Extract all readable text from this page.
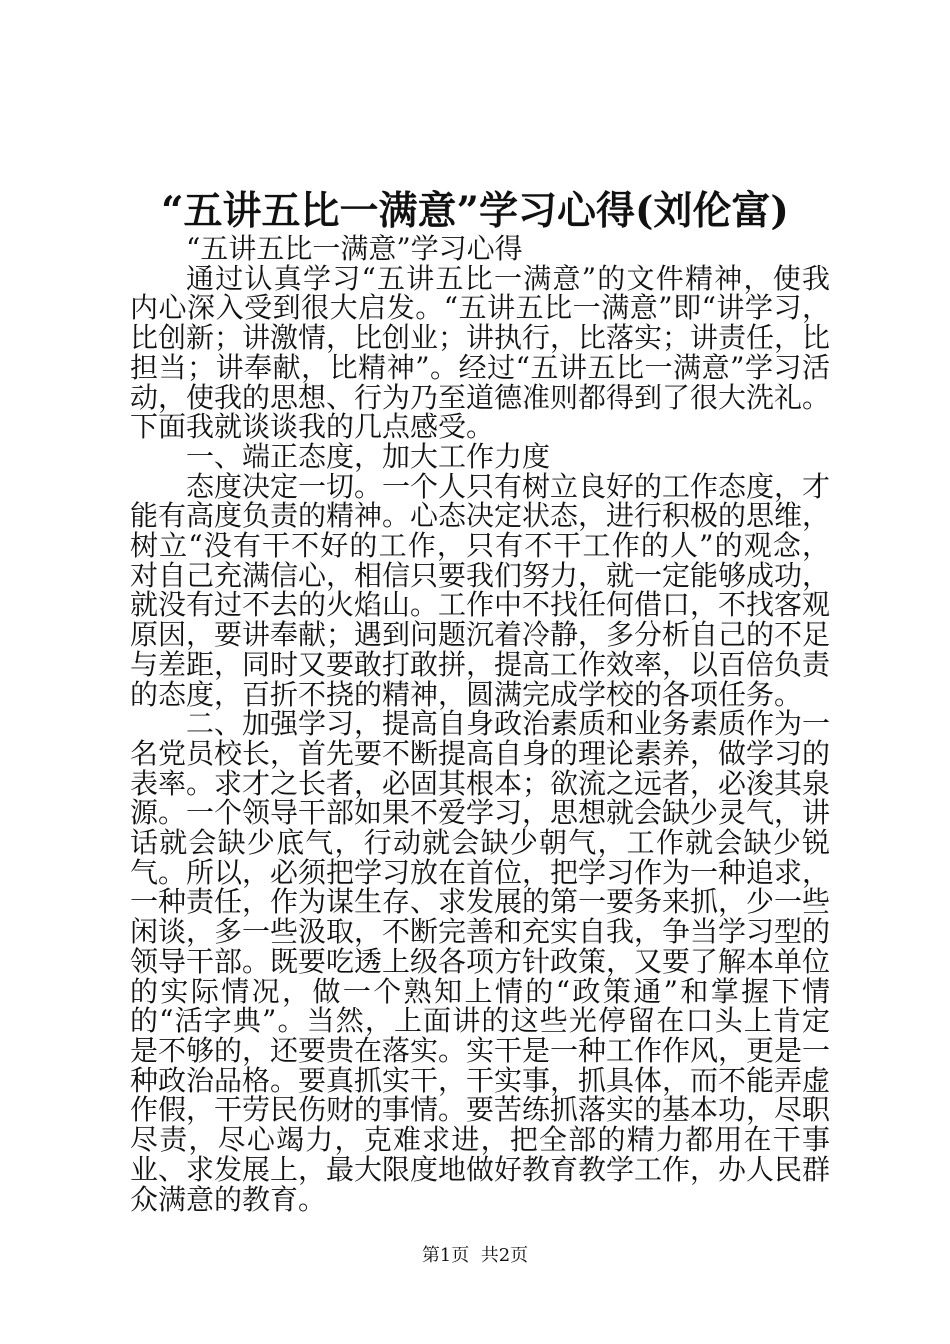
“五讲五比一满意”学习心得(刘伦富)

“五讲五比一满意”学习心得

通过认真学习“五讲五比一满意”的文件精神，使我内心深入受到很大启发。“五讲五比一满意”即“讲学习，比创新；讲激情，比创业；讲执行，比落实；讲责任，比担当；讲奉献，比精神”。经过“五讲五比一满意”学习活动，使我的思想、行为乃至道德准则都得到了很大洗礼。下面我就谈谈我的几点感受。

一、端正态度，加大工作力度

态度决定一切。一个人只有树立良好的工作态度，才能有高度负责的精神。心态决定状态，进行积极的思维，树立“没有干不好的工作，只有不干工作的人”的观念，对自己充满信心，相信只要我们努力，就一定能够成功，就没有过不去的火焰山。工作中不找任何借口，不找客观原因，要讲奉献；遇到问题沉着冷静，多分析自己的不足与差距，同时又要敢打敢拼，提高工作效率，以百倍负责的态度，百折不挠的精神，圆满完成学校的各项任务。

二、加强学习，提高自身政治素质和业务素质作为一名党员校长，首先要不断提高自身的理论素养，做学习的表率。求才之长者，必固其根本；欲流之远者，必浚其泉源。一个领导干部如果不爱学习，思想就会缺少灵气，讲话就会缺少底气，行动就会缺少朝气，工作就会缺少锐气。所以，必须把学习放在首位，把学习作为一种追求，一种责任，作为谋生存、求发展的第一要务来抓，少一些闲谈，多一些汲取，不断完善和充实自我，争当学习型的领导干部。既要吃透上级各项方针政策，又要了解本单位的实际情况，做一个熟知上情的“政策通”和掌握下情的“活字典”。当然，上面讲的这些光停留在口头上肯定是不够的，还要贵在落实。实干是一种工作作风，更是一种政治品格。要真抓实干，干实事，抓具体，而不能弄虚作假，干劳民伤财的事情。要苦练抓落实的基本功，尽职尽责，尽心竭力，克难求进，把全部的精力都用在干事业、求发展上，最大限度地做好教育教学工作，办人民群众满意的教育。

第1页 共2页
